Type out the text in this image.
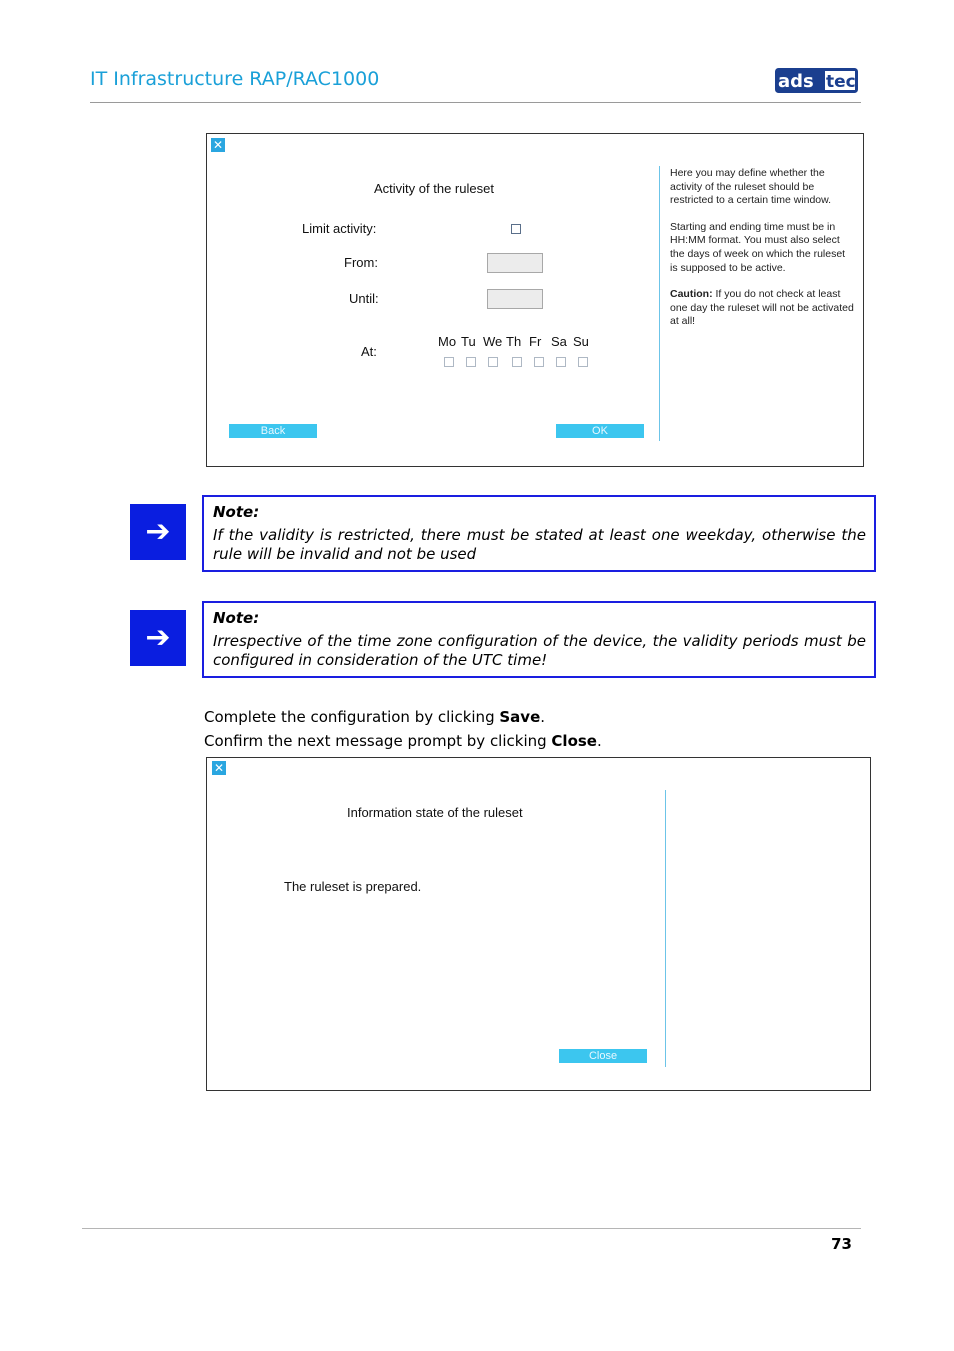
IT Infrastructure RAP/RAC1000	ads tec
✕
Activity of the ruleset
Limit activity:
From:
Until:
At:
Mo Tu We Th Fr Sa Su
Back	OK
Here you may define whether the activity of the ruleset should be restricted to a certain time window.
Starting and ending time must be in HH:MM format. You must also select the days of week on which the ruleset is supposed to be active.
Caution: If you do not check at least one day the ruleset will not be activated at all!
➔
Note:
If the validity is restricted, there must be stated at least one weekday, otherwise the rule will be invalid and not be used
➔
Note:
Irrespective of the time zone configuration of the device, the validity periods must be configured in consideration of the UTC time!
Complete the configuration by clicking Save.
Confirm the next message prompt by clicking Close.
✕
Information state of the ruleset
The ruleset is prepared.
Close
73
